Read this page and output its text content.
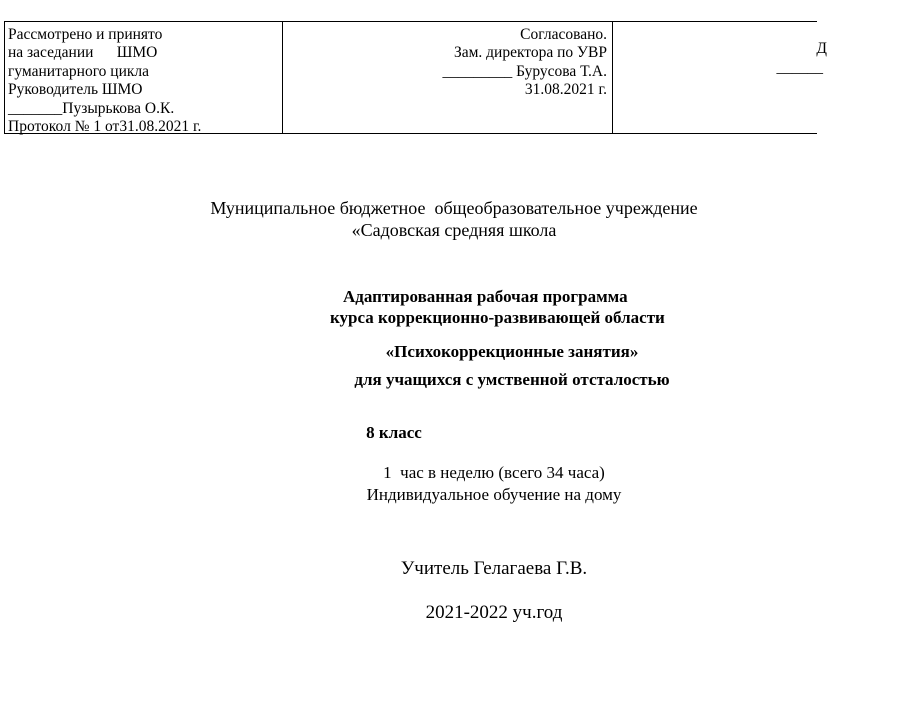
Рассмотрено и принято
на заседании      ШМО
гуманитарного цикла
Руководитель ШМО
_______Пузырькова О.К.
Протокол № 1 от31.08.2021 г.
Согласовано.
Зам. директора по УВР
_________ Бурусова Т.А.
31.08.2021 г.
Д
______
Муниципальное бюджетное  общеобразовательное учреждение
«Садовская средняя школа
Адаптированная рабочая программа
курса коррекционно-развивающей области
«Психокоррекционные занятия»
для учащихся с умственной отсталостью
8 класс
1  час в неделю (всего 34 часа)
Индивидуальное обучение на дому
Учитель Гелагаева Г.В.
2021-2022 уч.год
